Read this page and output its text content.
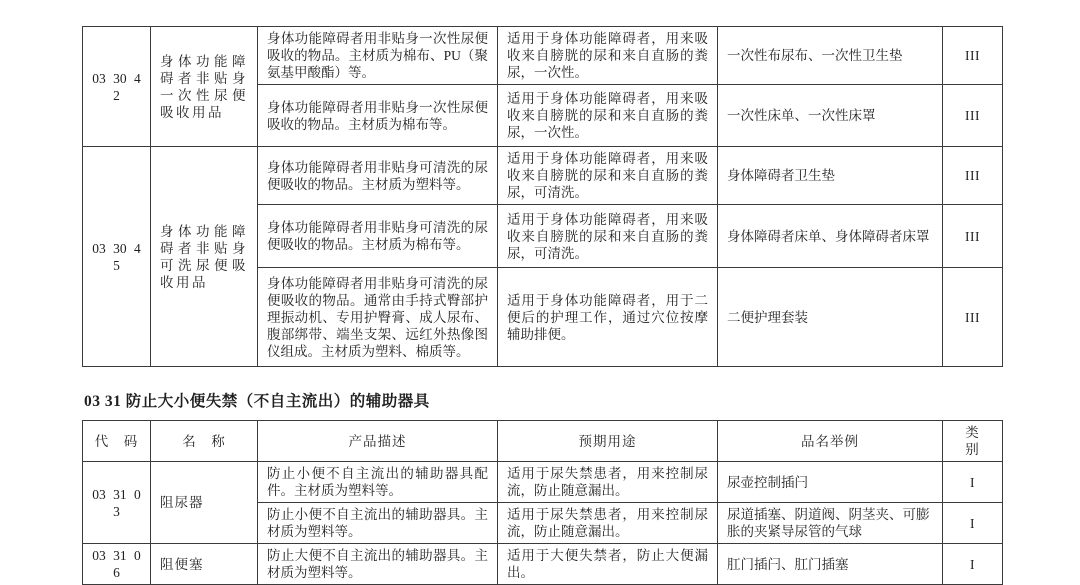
03 30 42	身体功能障碍者非贴身一次性尿便吸收用品	身体功能障碍者用非贴身一次性尿便吸收的物品。主材质为棉布、PU（聚氨基甲酸酯）等。	适用于身体功能障碍者，用来吸收来自膀胱的尿和来自直肠的粪尿，一次性。	一次性布尿布、一次性卫生垫	III
		身体功能障碍者用非贴身一次性尿便吸收的物品。主材质为棉布等。	适用于身体功能障碍者，用来吸收来自膀胱的尿和来自直肠的粪尿，一次性。	一次性床单、一次性床罩	III
03 30 45	身体功能障碍者非贴身可洗尿便吸收用品	身体功能障碍者用非贴身可清洗的尿便吸收的物品。主材质为塑料等。	适用于身体功能障碍者，用来吸收来自膀胱的尿和来自直肠的粪尿，可清洗。	身体障碍者卫生垫	III
		身体功能障碍者用非贴身可清洗的尿便吸收的物品。主材质为棉布等。	适用于身体功能障碍者，用来吸收来自膀胱的尿和来自直肠的粪尿，可清洗。	身体障碍者床单、身体障碍者床罩	III
		身体功能障碍者用非贴身可清洗的尿便吸收的物品。通常由手持式臀部护理振动机、专用护臀膏、成人尿布、腹部绑带、端坐支架、远红外热像图仪组成。主材质为塑料、棉质等。	适用于身体功能障碍者，用于二便后的护理工作，通过穴位按摩辅助排便。	二便护理套装	III
03 31 防止大小便失禁（不自主流出）的辅助器具
代　码	名　称	产品描述	预期用途	品名举例	类　别
03 31 03	阻尿器	防止小便不自主流出的辅助器具配件。主材质为塑料等。	适用于尿失禁患者，用来控制尿流，防止随意漏出。	尿壶控制插闩	I
		防止小便不自主流出的辅助器具。主材质为塑料等。	适用于尿失禁患者，用来控制尿流，防止随意漏出。	尿道插塞、阴道阀、阴茎夹、可膨胀的夹紧导尿管的气球	I
03 31 06	阻便塞	防止大便不自主流出的辅助器具。主材质为塑料等。	适用于大便失禁者，防止大便漏出。	肛门插闩、肛门插塞	I
